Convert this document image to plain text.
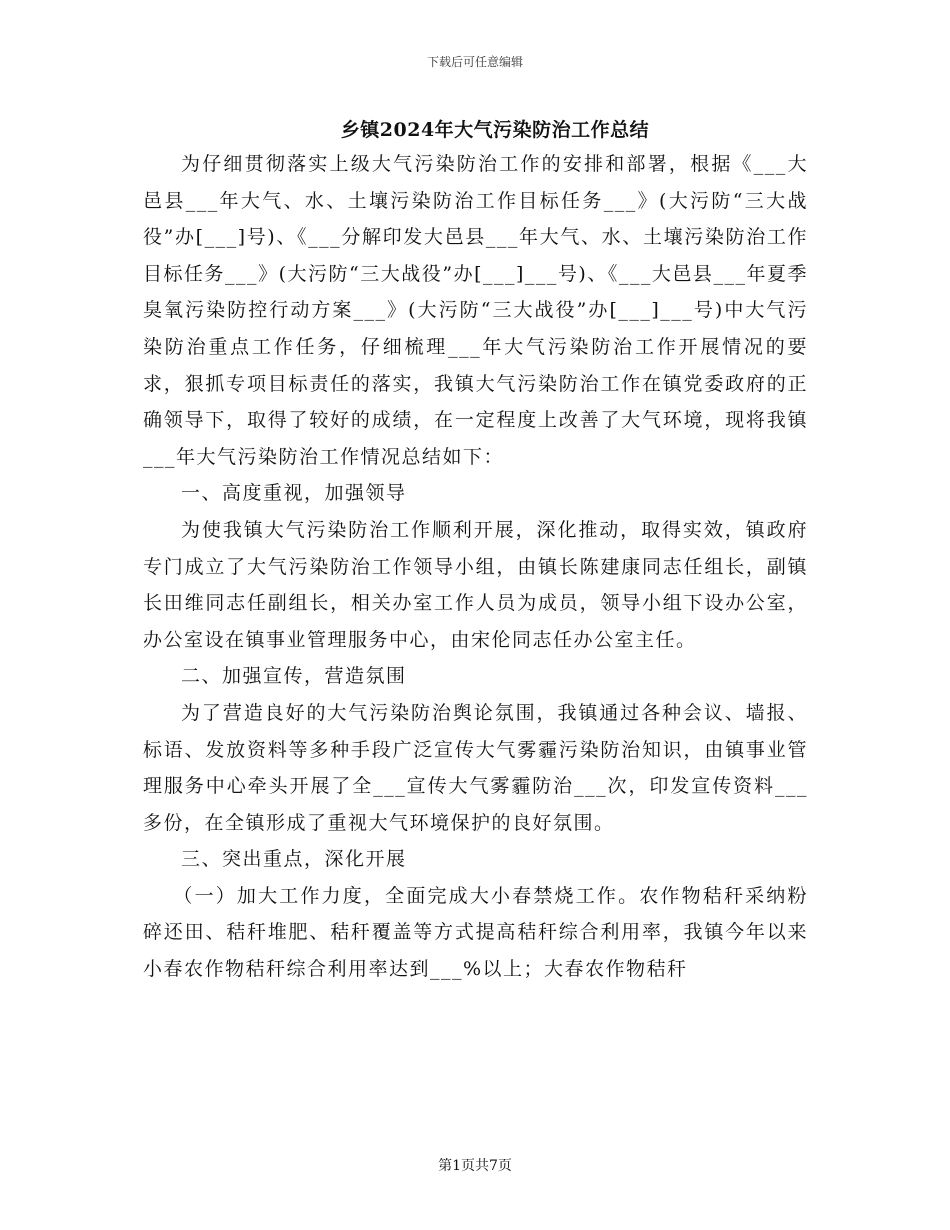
下载后可任意编辑
乡镇2024年大气污染防治工作总结

为仔细贯彻落实上级大气污染防治工作的安排和部署，根据《___大邑县___年大气、水、土壤污染防治工作目标任务___》(大污防“三大战役”办[___]号)、《___分解印发大邑县___年大气、水、土壤污染防治工作目标任务___》(大污防“三大战役”办[___]___号)、《___大邑县___年夏季臭氧污染防控行动方案___》(大污防“三大战役”办[___]___号)中大气污染防治重点工作任务，仔细梳理___年大气污染防治工作开展情况的要求，狠抓专项目标责任的落实，我镇大气污染防治工作在镇党委政府的正确领导下，取得了较好的成绩，在一定程度上改善了大气环境，现将我镇___年大气污染防治工作情况总结如下：

一、高度重视，加强领导

为使我镇大气污染防治工作顺利开展，深化推动，取得实效，镇政府专门成立了大气污染防治工作领导小组，由镇长陈建康同志任组长，副镇长田维同志任副组长，相关办室工作人员为成员，领导小组下设办公室，办公室设在镇事业管理服务中心，由宋伦同志任办公室主任。

二、加强宣传，营造氛围

为了营造良好的大气污染防治舆论氛围，我镇通过各种会议、墙报、标语、发放资料等多种手段广泛宣传大气雾霾污染防治知识，由镇事业管理服务中心牵头开展了全___宣传大气雾霾防治___次，印发宣传资料___多份，在全镇形成了重视大气环境保护的良好氛围。

三、突出重点，深化开展

（一）加大工作力度，全面完成大小春禁烧工作。农作物秸秆采纳粉碎还田、秸秆堆肥、秸秆覆盖等方式提高秸秆综合利用率，我镇今年以来小春农作物秸秆综合利用率达到___%以上；大春农作物秸秆

第1页共7页
